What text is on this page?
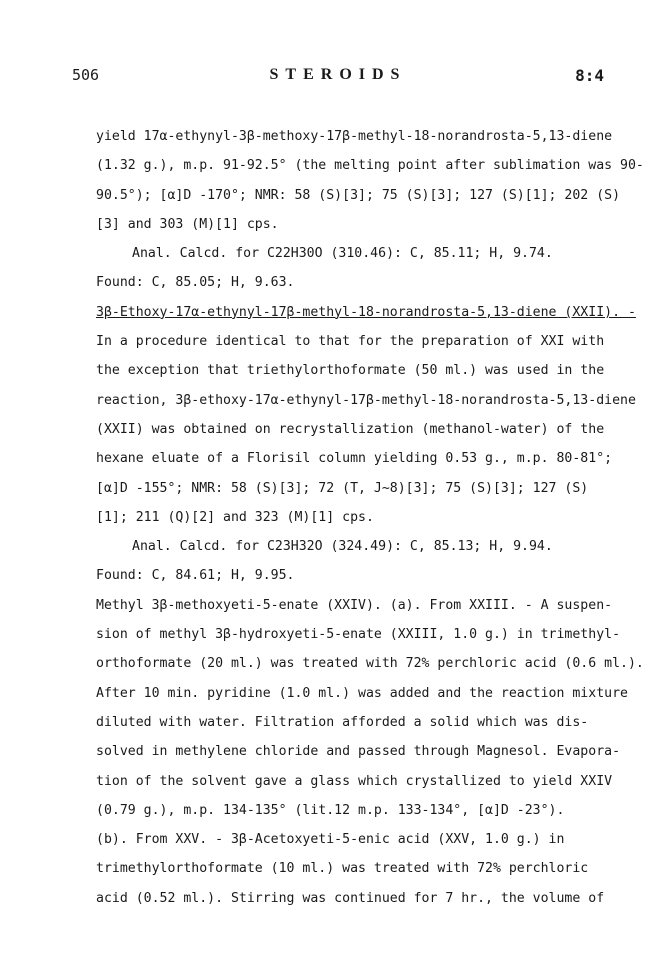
506	STEROIDS	8:4
yield 17α-ethynyl-3β-methoxy-17β-methyl-18-norandrosta-5,13-diene
(1.32 g.), m.p. 91-92.5° (the melting point after sublimation was 90-
90.5°); [α]D -170°; NMR: 58 (S)[3]; 75 (S)[3]; 127 (S)[1]; 202 (S)
[3] and 303 (M)[1] cps.
Anal. Calcd. for C22H30O (310.46): C, 85.11; H, 9.74.
Found: C, 85.05; H, 9.63.
3β-Ethoxy-17α-ethynyl-17β-methyl-18-norandrosta-5,13-diene (XXII). -
In a procedure identical to that for the preparation of XXI with
the exception that triethylorthoformate (50 ml.) was used in the
reaction, 3β-ethoxy-17α-ethynyl-17β-methyl-18-norandrosta-5,13-diene
(XXII) was obtained on recrystallization (methanol-water) of the
hexane eluate of a Florisil column yielding 0.53 g., m.p. 80-81°;
[α]D -155°; NMR: 58 (S)[3]; 72 (T, J~8)[3]; 75 (S)[3]; 127 (S)
[1]; 211 (Q)[2] and 323 (M)[1] cps.
Anal. Calcd. for C23H32O (324.49): C, 85.13; H, 9.94.
Found: C, 84.61; H, 9.95.
Methyl 3β-methoxyeti-5-enate (XXIV). (a). From XXIII. - A suspen-
sion of methyl 3β-hydroxyeti-5-enate (XXIII, 1.0 g.) in trimethyl-
orthoformate (20 ml.) was treated with 72% perchloric acid (0.6 ml.).
After 10 min. pyridine (1.0 ml.) was added and the reaction mixture
diluted with water. Filtration afforded a solid which was dis-
solved in methylene chloride and passed through Magnesol. Evapora-
tion of the solvent gave a glass which crystallized to yield XXIV
(0.79 g.), m.p. 134-135° (lit.12 m.p. 133-134°, [α]D -23°).
(b). From XXV. - 3β-Acetoxyeti-5-enic acid (XXV, 1.0 g.) in
trimethylorthoformate (10 ml.) was treated with 72% perchloric
acid (0.52 ml.). Stirring was continued for 7 hr., the volume of
